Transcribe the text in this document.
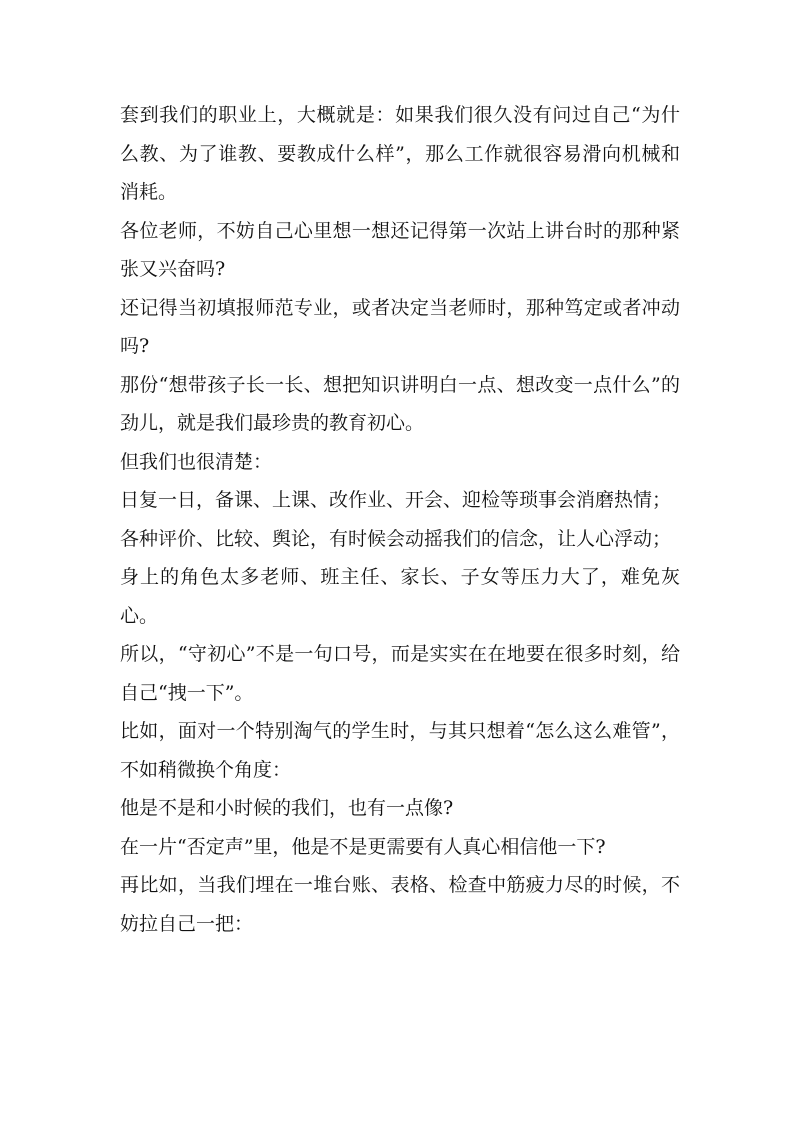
套到我们的职业上，大概就是：如果我们很久没有问过自己“为什么教、为了谁教、要教成什么样”，那么工作就很容易滑向机械和消耗。

各位老师，不妨自己心里想一想还记得第一次站上讲台时的那种紧张又兴奋吗?

还记得当初填报师范专业，或者决定当老师时，那种笃定或者冲动吗?

那份“想带孩子长一长、想把知识讲明白一点、想改变一点什么”的劲儿，就是我们最珍贵的教育初心。

但我们也很清楚：

日复一日，备课、上课、改作业、开会、迎检等琐事会消磨热情；

各种评价、比较、舆论，有时候会动摇我们的信念，让人心浮动；

身上的角色太多老师、班主任、家长、子女等压力大了，难免灰心。

所以，“守初心”不是一句口号，而是实实在在地要在很多时刻，给自己“拽一下”。

比如，面对一个特别淘气的学生时，与其只想着“怎么这么难管”，不如稍微换个角度：

他是不是和小时候的我们，也有一点像?

在一片“否定声”里，他是不是更需要有人真心相信他一下?

再比如，当我们埋在一堆台账、表格、检查中筋疲力尽的时候，不妨拉自己一把：
